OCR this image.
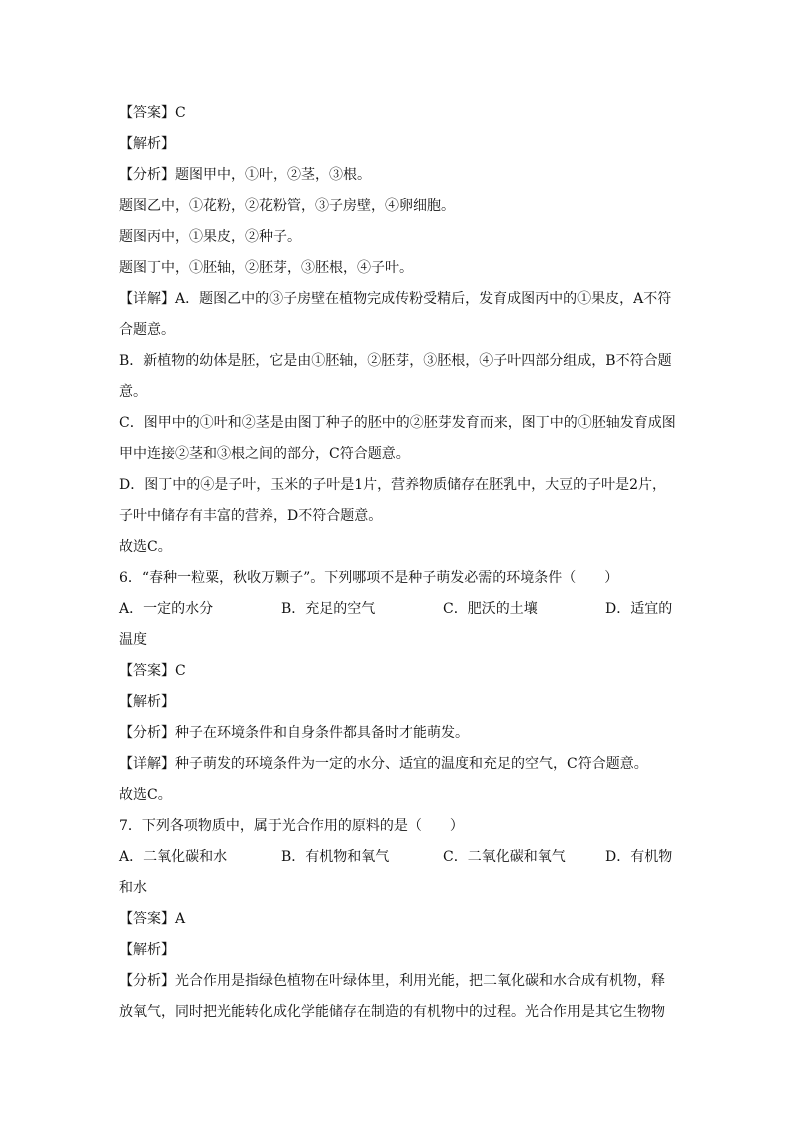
【答案】C
【解析】
【分析】题图甲中，①叶，②茎，③根。
题图乙中，①花粉，②花粉管，③子房壁，④卵细胞。
题图丙中，①果皮，②种子。
题图丁中，①胚轴，②胚芽，③胚根，④子叶。
【详解】A．题图乙中的③子房壁在植物完成传粉受精后，发育成图丙中的①果皮，A不符
合题意。
B．新植物的幼体是胚，它是由①胚轴，②胚芽，③胚根，④子叶四部分组成，B不符合题
意。
C．图甲中的①叶和②茎是由图丁种子的胚中的②胚芽发育而来，图丁中的①胚轴发育成图
甲中连接②茎和③根之间的部分，C符合题意。
D．图丁中的④是子叶，玉米的子叶是1片，营养物质储存在胚乳中，大豆的子叶是2片，
子叶中储存有丰富的营养，D不符合题意。
故选C。
6．“春种一粒粟，秋收万颗子”。下列哪项不是种子萌发必需的环境条件（　　）
A．一定的水分	B．充足的空气	C．肥沃的土壤	D．适宜的
温度
【答案】C
【解析】
【分析】种子在环境条件和自身条件都具备时才能萌发。
【详解】种子萌发的环境条件为一定的水分、适宜的温度和充足的空气，C符合题意。
故选C。
7．下列各项物质中，属于光合作用的原料的是（　　）
A．二氧化碳和水	B．有机物和氧气	C．二氧化碳和氧气	D．有机物
和水
【答案】A
【解析】
【分析】光合作用是指绿色植物在叶绿体里，利用光能，把二氧化碳和水合成有机物，释
放氧气，同时把光能转化成化学能储存在制造的有机物中的过程。光合作用是其它生物物
